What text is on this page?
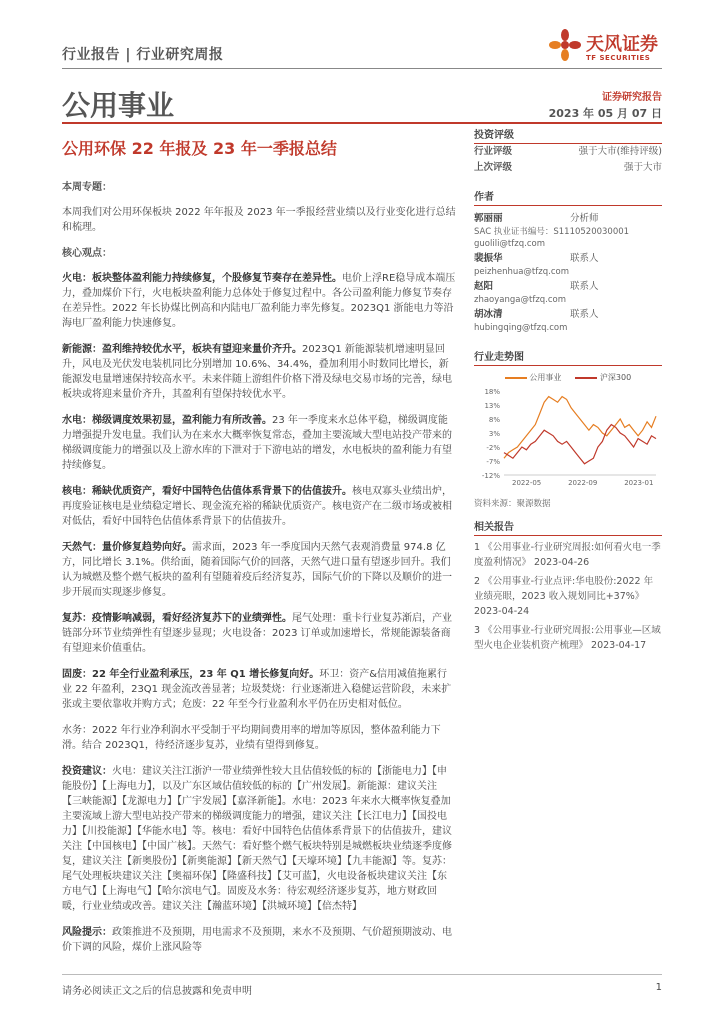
行业报告 | 行业研究周报	天风证券
TF SECURITIES
公用事业	证券研究报告
2023 年 05 月 07 日
公用环保 22 年报及 23 年一季报总结
本周专题：

本周我们对公用环保板块 2022 年年报及 2023 年一季报经营业绩以及行业变化进行总结和梳理。

核心观点：

火电：板块整体盈利能力持续修复，个股修复节奏存在差异性。电价上浮RE稳导成本端压力，叠加煤价下行，火电板块盈利能力总体处于修复过程中。各公司盈利能力修复节奏存在差异性。2022 年长协煤比例高和内陆电厂盈利能力率先修复。2023Q1 浙能电力等沿海电厂盈利能力快速修复。

新能源：盈利维持较优水平，板块有望迎来量价齐升。2023Q1 新能源装机增速明显回升，风电及光伏发电装机同比分别增加 10.6%、34.4%，叠加利用小时数同比增长，新能源发电量增速保持较高水平。未来伴随上游组件价格下滑及绿电交易市场的完善，绿电板块或将迎来量价齐升，其盈利有望保持较优水平。

水电：梯级调度效果初显，盈利能力有所改善。23 年一季度来水总体平稳，梯级调度能力增强提升发电量。我们认为在来水大概率恢复常态，叠加主要流域大型电站投产带来的梯级调度能力的增强以及上游水库的下泄对于下游电站的增发，水电板块的盈利能力有望持续修复。

核电：稀缺优质资产，看好中国特色估值体系背景下的估值拔升。核电双寡头业绩出炉，再度验证核电是业绩稳定增长、现金流充裕的稀缺优质资产。核电资产在二级市场或被相对低估，看好中国特色估值体系背景下的估值拔升。

天然气：量价修复趋势向好。需求面，2023 年一季度国内天然气表观消费量 974.8 亿方，同比增长 3.1%。供给面，随着国际气价的回落，天然气进口量有望逐步回升。我们认为城燃及整个燃气板块的盈利有望随着疫后经济复苏，国际气价的下降以及顺价的进一步开展而实现逐步修复。

复苏：疫情影响减弱，看好经济复苏下的业绩弹性。尾气处理：重卡行业复苏渐启，产业链部分环节业绩弹性有望逐步显现；火电设备：2023 订单或加速增长，常规能源装备商有望迎来价值重估。

固废：22 年全行业盈利承压，23 年 Q1 增长修复向好。环卫：资产&信用减值拖累行业 22 年盈利，23Q1 现金流改善显著；垃圾焚烧：行业逐渐进入稳健运营阶段，未来扩张或主要依靠收并购方式；危废：22 年至今行业盈利水平仍在历史相对低位。

水务：2022 年行业净利润水平受制于平均期间费用率的增加等原因，整体盈利能力下滑。结合 2023Q1，待经济逐步复苏，业绩有望得到修复。

投资建议：火电：建议关注江浙沪一带业绩弹性较大且估值较低的标的【浙能电力】【申能股份】【上海电力】，以及广东区域估值较低的标的【广州发展】。新能源：建议关注【三峡能源】【龙源电力】【广宇发展】【嘉泽新能】。水电：2023 年来水大概率恢复叠加主要流域上游大型电站投产带来的梯级调度能力的增强，建议关注【长江电力】【国投电力】【川投能源】【华能水电】等。核电：看好中国特色估值体系背景下的估值拔升，建议关注【中国核电】【中国广核】。天然气：看好整个燃气板块特别是城燃板块业绩逐季度修复，建议关注【新奥股份】【新奥能源】【新天然气】【天壕环境】【九丰能源】等。复苏：尾气处理板块建议关注【奥福环保】【隆盛科技】【艾可蓝】，火电设备板块建议关注【东方电气】【上海电气】【哈尔滨电气】。固废及水务：待宏观经济逐步复苏，地方财政回暖，行业业绩或改善。建议关注【瀚蓝环境】【洪城环境】【倍杰特】

风险提示：政策推进不及预期，用电需求不及预期，来水不及预期、气价超预期波动、电价下调的风险，煤价上涨风险等

投资评级
行业评级	强于大市(维持评级)
上次评级	强于大市
作者
郭丽丽	分析师
SAC 执业证书编号：S1110520030001
guolili@tfzq.com
裴振华	联系人
peizhenhua@tfzq.com
赵阳	联系人
zhaoyanga@tfzq.com
胡冰清	联系人
hubingqing@tfzq.com
行业走势图
公用事业	沪深300
18%
13%
8%
3%
-2%
-7%
-12%
2022-05	2022-09	2023-01
资料来源：聚源数据
相关报告
1 《公用事业-行业研究周报:如何看火电一季度盈利情况》 2023-04-26
2 《公用事业-行业点评:华电股份:2022 年业绩亮眼，2023 收入规划同比+37%》 2023-04-24
3 《公用事业-行业研究周报:公用事业—区域型火电企业装机资产梳理》 2023-04-17
请务必阅读正文之后的信息披露和免责申明	1
